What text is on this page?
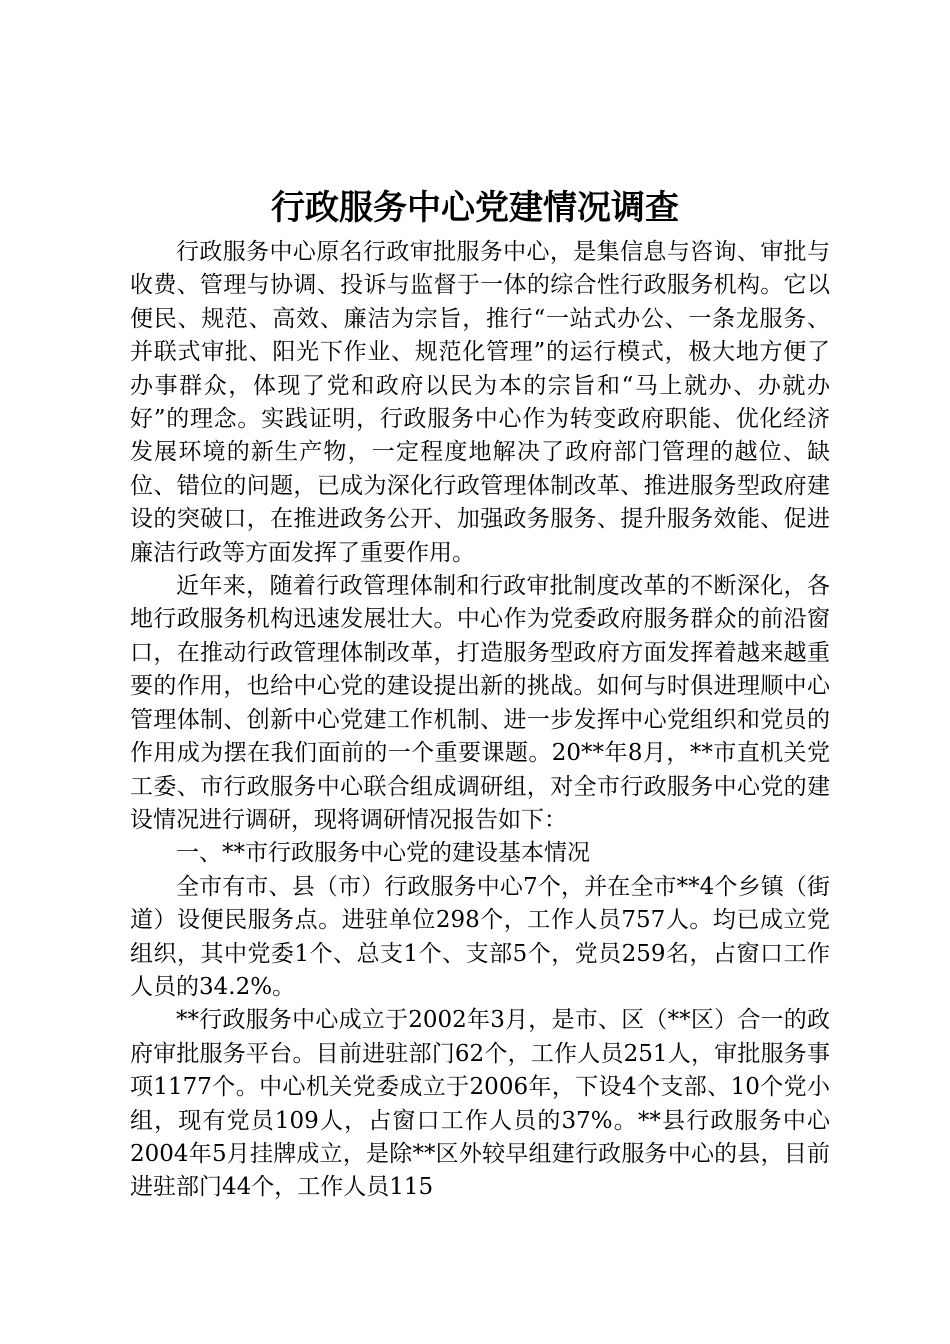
行政服务中心党建情况调查

行政服务中心原名行政审批服务中心，是集信息与咨询、审批与收费、管理与协调、投诉与监督于一体的综合性行政服务机构。它以便民、规范、高效、廉洁为宗旨，推行“一站式办公、一条龙服务、并联式审批、阳光下作业、规范化管理”的运行模式，极大地方便了办事群众，体现了党和政府以民为本的宗旨和“马上就办、办就办好”的理念。实践证明，行政服务中心作为转变政府职能、优化经济发展环境的新生产物，一定程度地解决了政府部门管理的越位、缺位、错位的问题，已成为深化行政管理体制改革、推进服务型政府建设的突破口，在推进政务公开、加强政务服务、提升服务效能、促进廉洁行政等方面发挥了重要作用。

近年来，随着行政管理体制和行政审批制度改革的不断深化，各地行政服务机构迅速发展壮大。中心作为党委政府服务群众的前沿窗口，在推动行政管理体制改革，打造服务型政府方面发挥着越来越重要的作用，也给中心党的建设提出新的挑战。如何与时俱进理顺中心管理体制、创新中心党建工作机制、进一步发挥中心党组织和党员的作用成为摆在我们面前的一个重要课题。20**年8月，**市直机关党工委、市行政服务中心联合组成调研组，对全市行政服务中心党的建设情况进行调研，现将调研情况报告如下：

一、**市行政服务中心党的建设基本情况

全市有市、县（市）行政服务中心7个，并在全市**4个乡镇（街道）设便民服务点。进驻单位298个，工作人员757人。均已成立党组织，其中党委1个、总支1个、支部5个，党员259名，占窗口工作人员的34.2%。

**行政服务中心成立于2002年3月，是市、区（**区）合一的政府审批服务平台。目前进驻部门62个，工作人员251人，审批服务事项1177个。中心机关党委成立于2006年，下设4个支部、10个党小组，现有党员109人，占窗口工作人员的37%。**县行政服务中心2004年5月挂牌成立，是除**区外较早组建行政服务中心的县，目前进驻部门44个，工作人员115
